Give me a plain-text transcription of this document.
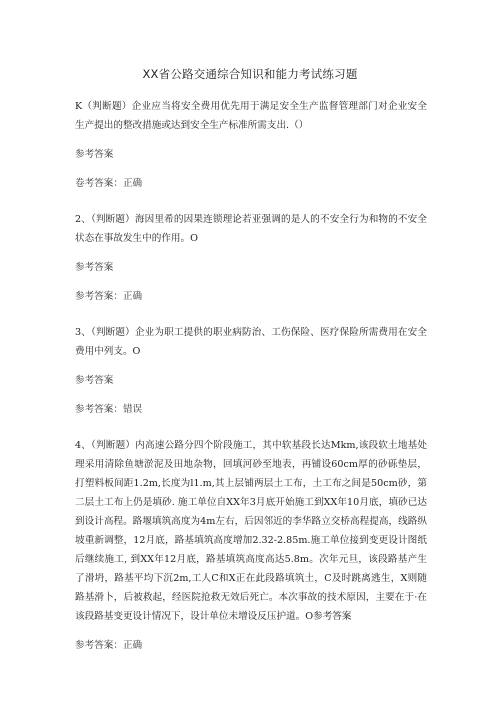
XX省公路交通综合知识和能力考试练习题

K（判断题）企业应当将安全费用优先用于满足安全生产监督管理部门对企业安全生产提出的整改措施或达到安全生产标准所需支出.（）

参考答案

卷考答案：正确

2、（判断题）海因里希的因果连锁理论若亚强调的是人的不安全行为和物的不安全状态在事故发生中的作用。O

参考答案

参考答案：正确

3、（判断题）企业为职工提供的职业病防治、工伤保险、医疗保险所需费用在安全费用中列支。O

参考答案

参考答案：错误

4、（判断题）内高速公路分四个阶段施工，其中软基段长达Mkm,该段软土地基处理采用清除鱼塘淤泥及田地杂物，回填河砂至地表，再铺设60cm厚的砂砾垫层，打塑料板间距1.2m,长度为l1.m,其上层铺两层土工布，土工布之间是50cm砂，第二层土工布上仍是填砂. 施工单位自XX年3月底开始施工到XX年10月底，填砂已达到设计高程。路堰填筑高度为4m左右，后因邻近的李华路立交桥高程提高，线路纵坡重新调整，12月底，路基填筑高度增加2.32-2.85m.施工单位接到变更设计图纸后继续施工, 到XX年12月底，路基填筑高度高达5.8m。次年元旦，该段路基产生了滑坍，路基平均下沉2m,工人C和X正在此段路填筑土，C及时跳离逃生，X则随路基滑卜，后被救起，经医院抢救无效后死亡。本次事故的技术原因，主要在于·在该段路基变更设计情况下，设计单位未增设反压护道。O参考答案

参考答案：正确
